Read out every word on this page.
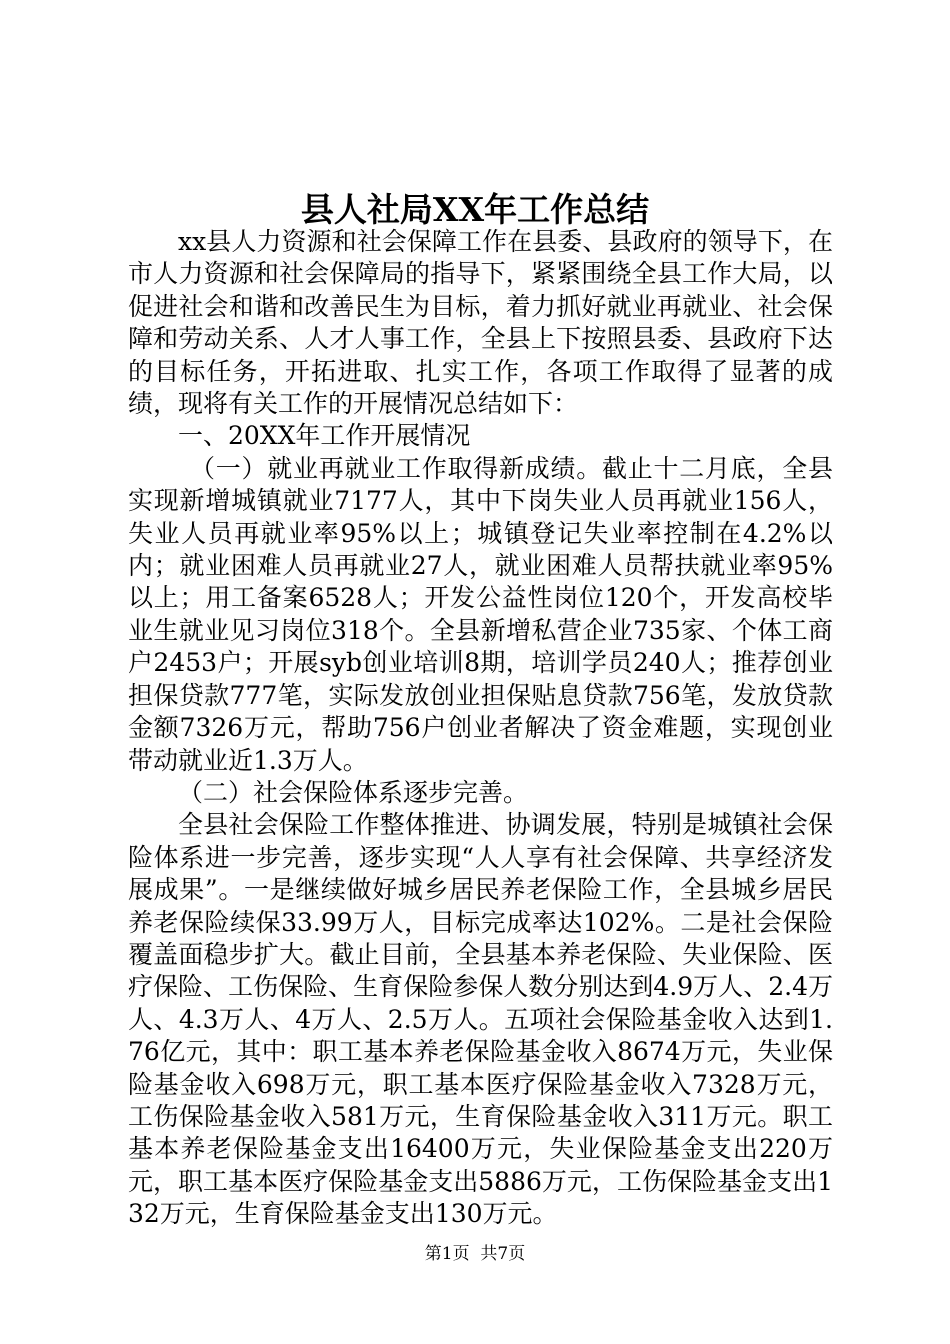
县人社局XX年工作总结

xx县人力资源和社会保障工作在县委、县政府的领导下，在市人力资源和社会保障局的指导下，紧紧围绕全县工作大局，以促进社会和谐和改善民生为目标，着力抓好就业再就业、社会保障和劳动关系、人才人事工作，全县上下按照县委、县政府下达的目标任务，开拓进取、扎实工作，各项工作取得了显著的成绩，现将有关工作的开展情况总结如下：

一、20XX年工作开展情况

（一）就业再就业工作取得新成绩。截止十二月底，全县实现新增城镇就业7177人，其中下岗失业人员再就业156人，失业人员再就业率95%以上；城镇登记失业率控制在4.2%以内；就业困难人员再就业27人，就业困难人员帮扶就业率95%以上；用工备案6528人；开发公益性岗位120个，开发高校毕业生就业见习岗位318个。全县新增私营企业735家、个体工商户2453户；开展syb创业培训8期，培训学员240人；推荐创业担保贷款777笔，实际发放创业担保贴息贷款756笔，发放贷款金额7326万元，帮助756户创业者解决了资金难题，实现创业带动就业近1.3万人。

（二）社会保险体系逐步完善。

全县社会保险工作整体推进、协调发展，特别是城镇社会保险体系进一步完善，逐步实现“人人享有社会保障、共享经济发展成果”。一是继续做好城乡居民养老保险工作，全县城乡居民养老保险续保33.99万人，目标完成率达102%。二是社会保险覆盖面稳步扩大。截止目前，全县基本养老保险、失业保险、医疗保险、工伤保险、生育保险参保人数分别达到4.9万人、2.4万人、4.3万人、4万人、2.5万人。五项社会保险基金收入达到1.76亿元，其中：职工基本养老保险基金收入8674万元，失业保险基金收入698万元，职工基本医疗保险基金收入7328万元，工伤保险基金收入581万元，生育保险基金收入311万元。职工基本养老保险基金支出16400万元，失业保险基金支出220万元，职工基本医疗保险基金支出5886万元，工伤保险基金支出132万元，生育保险基金支出130万元。

第1页  共7页
